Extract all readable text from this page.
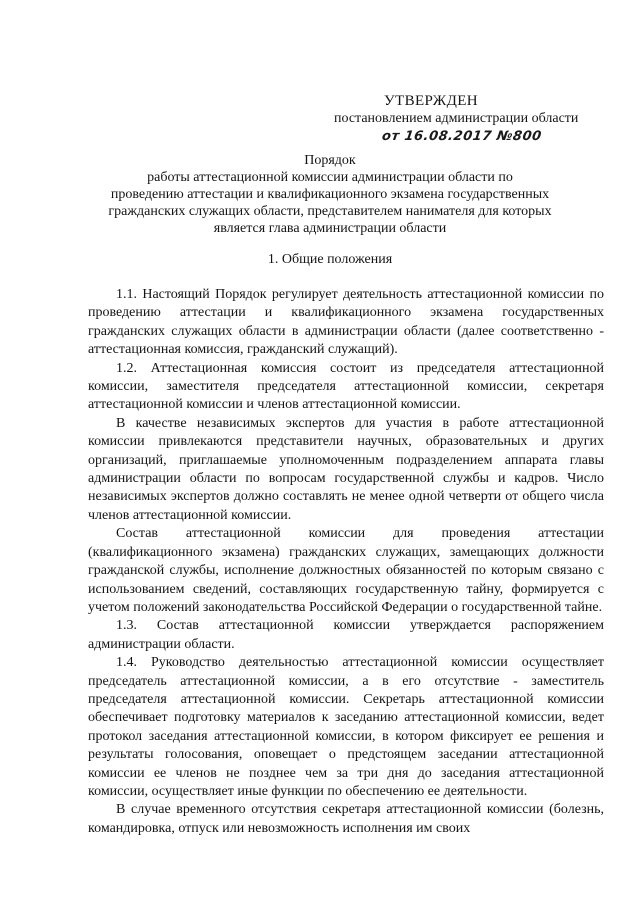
УТВЕРЖДЕН
постановлением администрации области
от 16.08.2017 №800
Порядок
работы аттестационной комиссии администрации области по
проведению аттестации и квалификационного экзамена государственных
гражданских служащих области, представителем нанимателя для которых
является глава администрации области
1. Общие положения

1.1. Настоящий Порядок регулирует деятельность аттестационной комиссии по проведению аттестации и квалификационного экзамена государственных гражданских служащих области в администрации области (далее соответственно - аттестационная комиссия, гражданский служащий).

1.2. Аттестационная комиссия состоит из председателя аттестационной комиссии, заместителя председателя аттестационной комиссии, секретаря аттестационной комиссии и членов аттестационной комиссии.

В качестве независимых экспертов для участия в работе аттестационной комиссии привлекаются представители научных, образовательных и других организаций, приглашаемые уполномоченным подразделением аппарата главы администрации области по вопросам государственной службы и кадров. Число независимых экспертов должно составлять не менее одной четверти от общего числа членов аттестационной комиссии.

Состав аттестационной комиссии для проведения аттестации (квалификационного экзамена) гражданских служащих, замещающих должности гражданской службы, исполнение должностных обязанностей по которым связано с использованием сведений, составляющих государственную тайну, формируется с учетом положений законодательства Российской Федерации о государственной тайне.

1.3. Состав аттестационной комиссии утверждается распоряжением администрации области.

1.4. Руководство деятельностью аттестационной комиссии осуществляет председатель аттестационной комиссии, а в его отсутствие - заместитель председателя аттестационной комиссии. Секретарь аттестационной комиссии обеспечивает подготовку материалов к заседанию аттестационной комиссии, ведет протокол заседания аттестационной комиссии, в котором фиксирует ее решения и результаты голосования, оповещает о предстоящем заседании аттестационной комиссии ее членов не позднее чем за три дня до заседания аттестационной комиссии, осуществляет иные функции по обеспечению ее деятельности.

В случае временного отсутствия секретаря аттестационной комиссии (болезнь, командировка, отпуск или невозможность исполнения им своих
